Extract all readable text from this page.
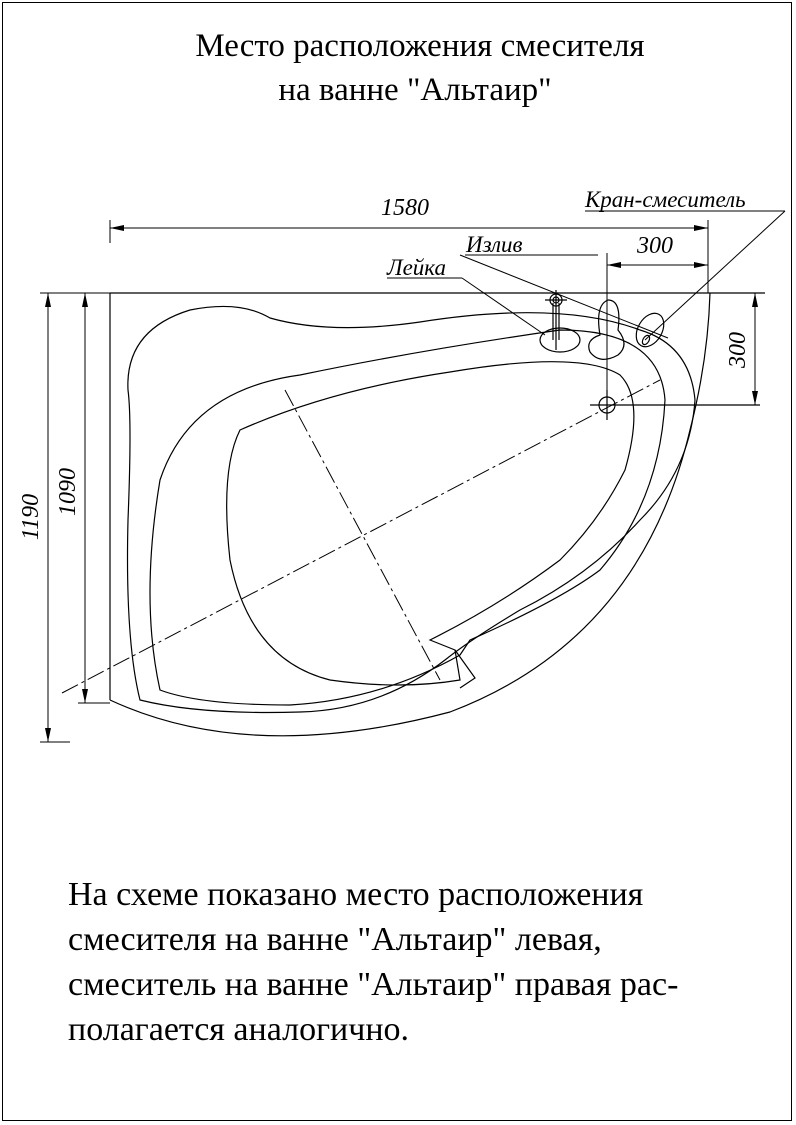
Место расположения смесителя
на ванне "Альтаир"
1580
300
300
1190
1090
Кран-смеситель
Излив
Лейка
На схеме показано место расположения
смесителя на ванне "Альтаир" левая,
смеситель на ванне "Альтаир" правая рас-
полагается аналогично.
